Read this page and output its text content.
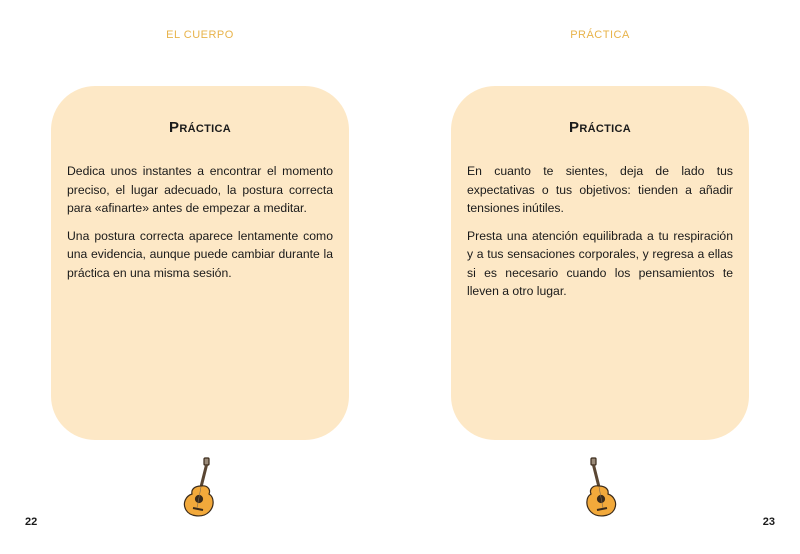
EL CUERPO
Práctica

Dedica unos instantes a encontrar el momento preciso, el lugar adecuado, la postura correcta para «afinarte» antes de empezar a meditar.

Una postura correcta aparece lentamente como una evidencia, aunque puede cambiar durante la práctica en una misma sesión.

22
PRÁCTICA
Práctica

En cuanto te sientes, deja de lado tus expectativas o tus objetivos: tienden a añadir tensiones inútiles.

Presta una atención equilibrada a tu respiración y a tus sensaciones corporales, y regresa a ellas si es necesario cuando los pensamientos te lleven a otro lugar.

23
